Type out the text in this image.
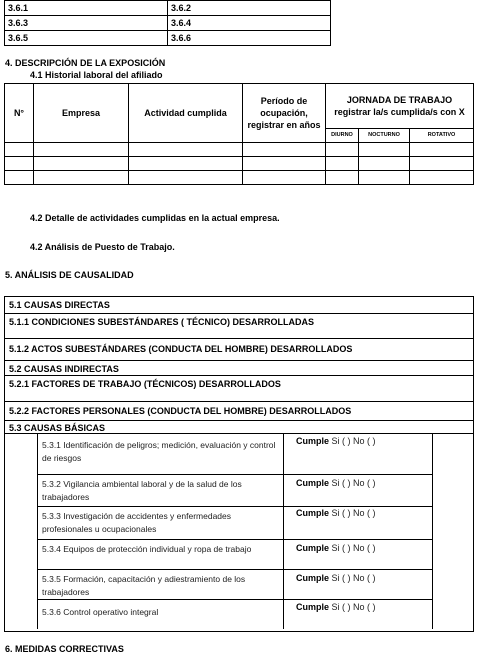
3.6.1	3.6.2
3.6.3	3.6.4
3.6.5	3.6.6
4. DESCRIPCIÓN DE LA EXPOSICIÓN
4.1 Historial laboral del afiliado
N°	Empresa	Actividad cumplida	Período de ocupación, registrar en años	JORNADA DE TRABAJO registrar la/s cumplida/s con X		
				DIURNO	NOCTURNO	ROTATIVO

4.2 Detalle de actividades cumplidas en la actual empresa.
4.2 Análisis de Puesto de Trabajo.
5. ANÁLISIS DE CAUSALIDAD
5.1 CAUSAS DIRECTAS
5.1.1 CONDICIONES SUBESTÁNDARES ( TÉCNICO) DESARROLLADAS
5.1.2 ACTOS SUBESTÁNDARES (CONDUCTA DEL HOMBRE) DESARROLLADOS
5.2 CAUSAS INDIRECTAS
5.2.1 FACTORES DE TRABAJO (TÉCNICOS) DESARROLLADOS
5.2.2 FACTORES PERSONALES (CONDUCTA DEL HOMBRE) DESARROLLADOS
5.3 CAUSAS BÁSICAS
5.3.1 Identificación de peligros; medición, evaluación y control de riesgos
Cumple Si ( ) No ( )
5.3.2 Vigilancia ambiental laboral y de la salud de los trabajadores
Cumple Si ( ) No ( )
5.3.3 Investigación de accidentes y enfermedades profesionales u ocupacionales
Cumple Si ( ) No ( )
5.3.4 Equipos de protección individual y ropa de trabajo	Cumple Si ( ) No ( )
5.3.5 Formación, capacitación y adiestramiento de los trabajadores
Cumple Si ( ) No ( )
5.3.6 Control operativo integral	Cumple Si ( ) No ( )
6. MEDIDAS CORRECTIVAS
